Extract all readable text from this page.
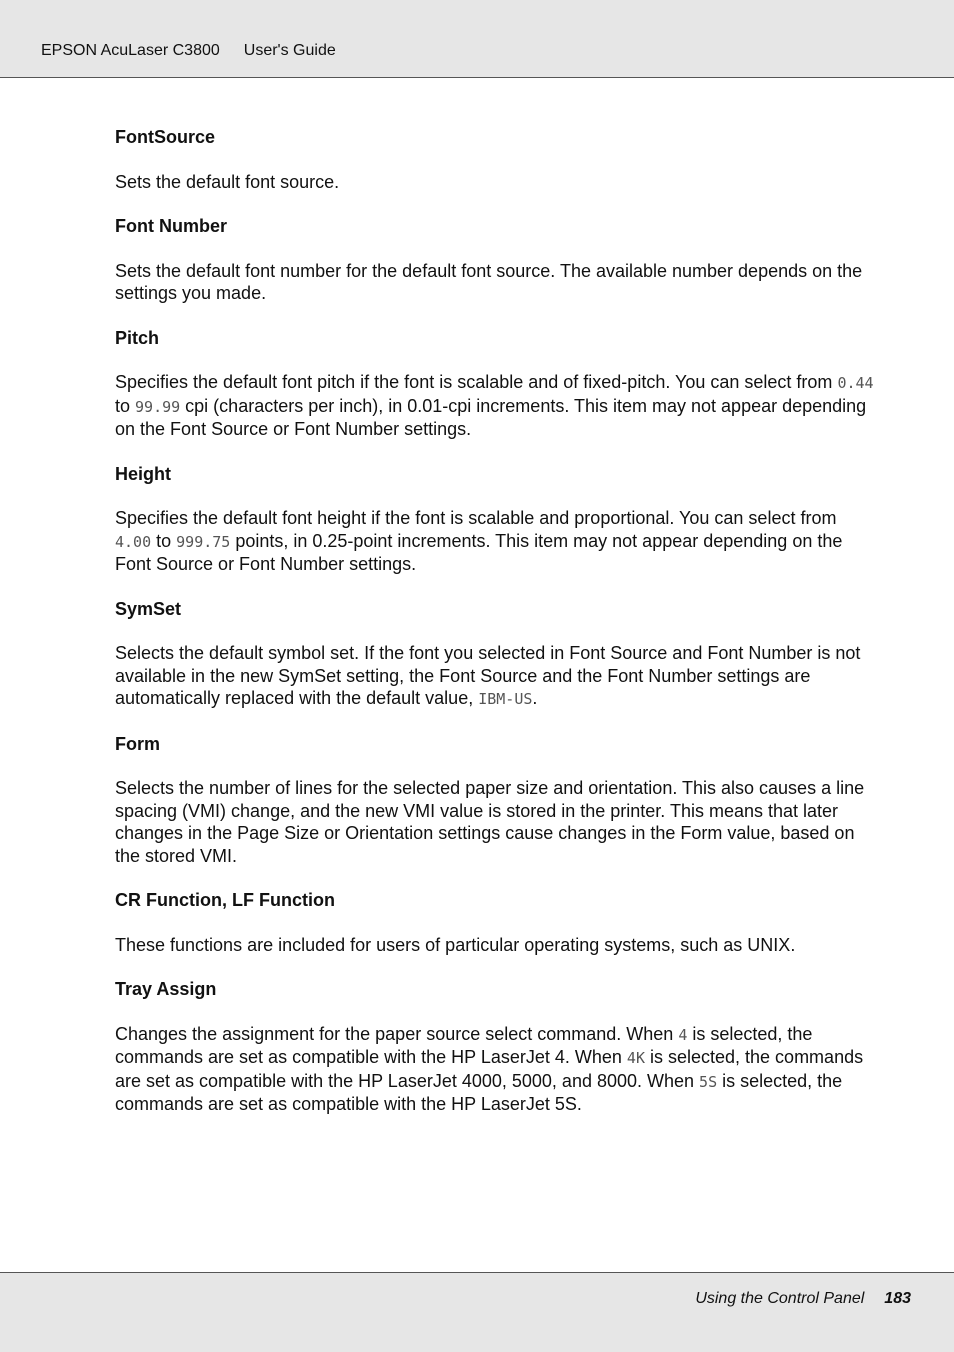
EPSON AcuLaser C3800 User's Guide
FontSource

Sets the default font source.

Font Number

Sets the default font number for the default font source. The available number depends on the settings you made.

Pitch

Specifies the default font pitch if the font is scalable and of fixed-pitch. You can select from 0.44 to 99.99 cpi (characters per inch), in 0.01-cpi increments. This item may not appear depending on the Font Source or Font Number settings.

Height

Specifies the default font height if the font is scalable and proportional. You can select from 4.00 to 999.75 points, in 0.25-point increments. This item may not appear depending on the Font Source or Font Number settings.

SymSet

Selects the default symbol set. If the font you selected in Font Source and Font Number is not available in the new SymSet setting, the Font Source and the Font Number settings are automatically replaced with the default value, IBM-US.

Form

Selects the number of lines for the selected paper size and orientation. This also causes a line spacing (VMI) change, and the new VMI value is stored in the printer. This means that later changes in the Page Size or Orientation settings cause changes in the Form value, based on the stored VMI.

CR Function, LF Function

These functions are included for users of particular operating systems, such as UNIX.

Tray Assign

Changes the assignment for the paper source select command. When 4 is selected, the commands are set as compatible with the HP LaserJet 4. When 4K is selected, the commands are set as compatible with the HP LaserJet 4000, 5000, and 8000. When 5S is selected, the commands are set as compatible with the HP LaserJet 5S.

Using the Control Panel 183
